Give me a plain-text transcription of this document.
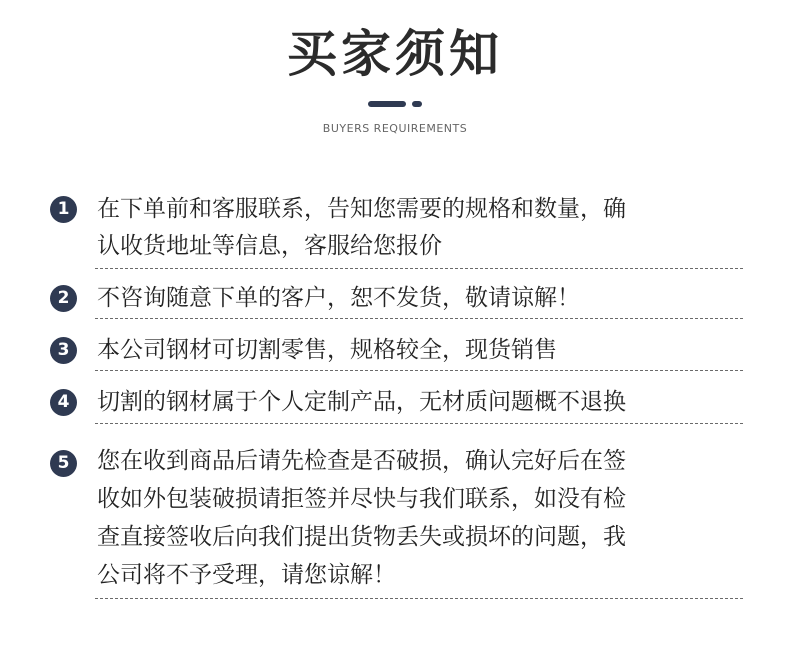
买家须知
BUYERS REQUIREMENTS
1	在下单前和客服联系，告知您需要的规格和数量，确
认收货地址等信息，客服给您报价
2	不咨询随意下单的客户，恕不发货，敬请谅解！
3	本公司钢材可切割零售，规格较全，现货销售
4	切割的钢材属于个人定制产品，无材质问题概不退换
5	您在收到商品后请先检查是否破损，确认完好后在签
收如外包装破损请拒签并尽快与我们联系，如没有检
查直接签收后向我们提出货物丢失或损坏的问题，我
公司将不予受理，请您谅解！
